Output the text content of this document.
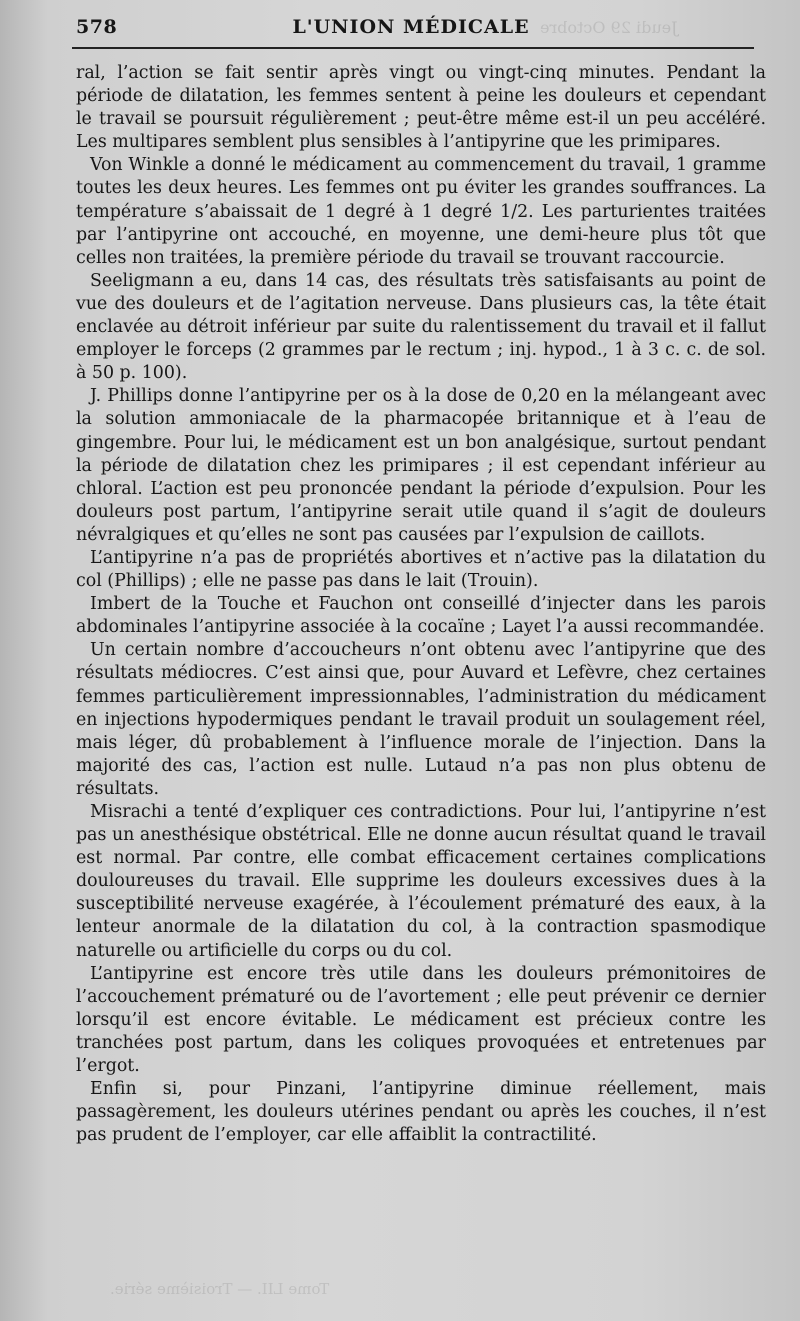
Jeudi 29 Octobre
Tome LII. — Troisième série.
578	L'UNION MÉDICALE

ral, l’action se fait sentir après vingt ou vingt-cinq minutes. Pendant la période de dilatation, les femmes sentent à peine les douleurs et cependant le travail se poursuit régulièrement ; peut-être même est-il un peu accéléré. Les multipares semblent plus sensibles à l’antipyrine que les primipares.

Von Winkle a donné le médicament au commencement du travail, 1 gramme toutes les deux heures. Les femmes ont pu éviter les grandes souffrances. La température s’abaissait de 1 degré à 1 degré 1/2. Les parturientes traitées par l’antipyrine ont accouché, en moyenne, une demi-heure plus tôt que celles non traitées, la première période du travail se trouvant raccourcie.

Seeligmann a eu, dans 14 cas, des résultats très satisfaisants au point de vue des douleurs et de l’agitation nerveuse. Dans plusieurs cas, la tête était enclavée au détroit inférieur par suite du ralentissement du travail et il fallut employer le forceps (2 grammes par le rectum ; inj. hypod., 1 à 3 c. c. de sol. à 50 p. 100).

J. Phillips donne l’antipyrine per os à la dose de 0,20 en la mélangeant avec la solution ammoniacale de la pharmacopée britannique et à l’eau de gingembre. Pour lui, le médicament est un bon analgésique, surtout pendant la période de dilatation chez les primipares ; il est cependant inférieur au chloral. L’action est peu prononcée pendant la période d’expulsion. Pour les douleurs post partum, l’antipyrine serait utile quand il s’agit de douleurs névralgiques et qu’elles ne sont pas causées par l’expulsion de caillots.

L’antipyrine n’a pas de propriétés abortives et n’active pas la dilatation du col (Phillips) ; elle ne passe pas dans le lait (Trouin).

Imbert de la Touche et Fauchon ont conseillé d’injecter dans les parois abdominales l’antipyrine associée à la cocaïne ; Layet l’a aussi recommandée.

Un certain nombre d’accoucheurs n’ont obtenu avec l’antipyrine que des résultats médiocres. C’est ainsi que, pour Auvard et Lefèvre, chez certaines femmes particulièrement impressionnables, l’administration du médicament en injections hypodermiques pendant le travail produit un soulagement réel, mais léger, dû probablement à l’influence morale de l’injection. Dans la majorité des cas, l’action est nulle. Lutaud n’a pas non plus obtenu de résultats.

Misrachi a tenté d’expliquer ces contradictions. Pour lui, l’antipyrine n’est pas un anesthésique obstétrical. Elle ne donne aucun résultat quand le travail est normal. Par contre, elle combat efficacement certaines complications douloureuses du travail. Elle supprime les douleurs excessives dues à la susceptibilité nerveuse exagérée, à l’écoulement prématuré des eaux, à la lenteur anormale de la dilatation du col, à la contraction spasmodique naturelle ou artificielle du corps ou du col.

L’antipyrine est encore très utile dans les douleurs prémonitoires de l’accouchement prématuré ou de l’avortement ; elle peut prévenir ce dernier lorsqu’il est encore évitable. Le médicament est précieux contre les tranchées post partum, dans les coliques provoquées et entretenues par l’ergot.

Enfin si, pour Pinzani, l’antipyrine diminue réellement, mais passagèrement, les douleurs utérines pendant ou après les couches, il n’est pas prudent de l’employer, car elle affaiblit la contractilité.
